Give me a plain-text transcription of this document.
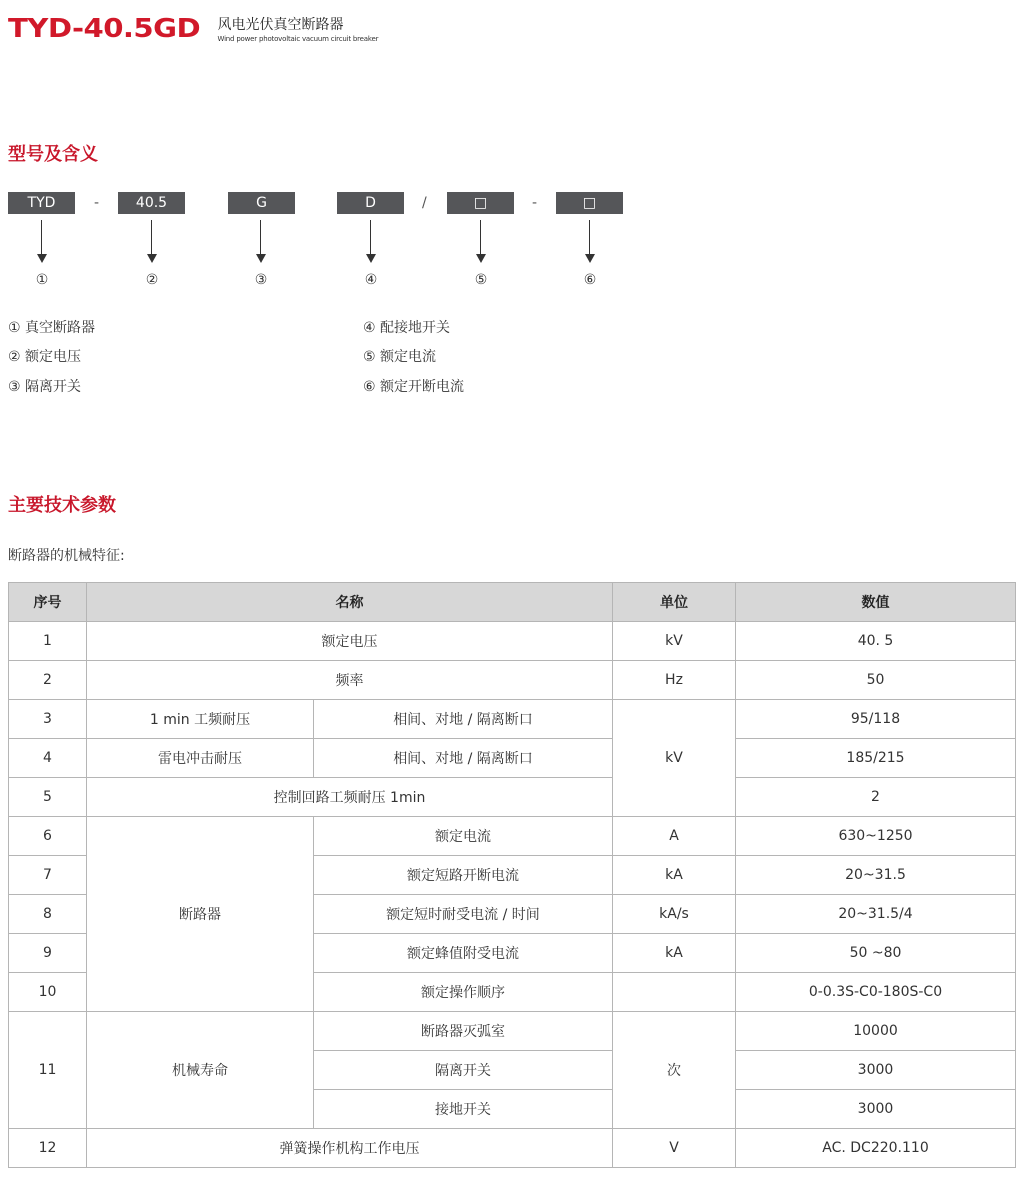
TYD-40.5GD 风电光伏真空断路器
Wind power photovoltaic vacuum circuit breaker
型号及含义
TYD	-	40.5	G	D	/	□	-	□
①	②	③	④	⑤	⑥
① 真空断路器
② 额定电压
③ 隔离开关
④ 配接地开关
⑤ 额定电流
⑥ 额定开断电流
主要技术参数
断路器的机械特征:
序号	名称		单位	数值
1	额定电压		kV	40. 5
2	频率		Hz	50
3	1 min 工频耐压	相间、对地 / 隔离断口	kV	95/118
4	雷电冲击耐压	相间、对地 / 隔离断口		185/215
5	控制回路工频耐压 1min			2
6	断路器	额定电流	A	630~1250
7		额定短路开断电流	kA	20~31.5
8		额定短时耐受电流 / 时间	kA/s	20~31.5/4
9		额定蜂值附受电流	kA	50 ~80
10		额定操作顺序		0-0.3S-C0-180S-C0
11	机械寿命	断路器灭弧室	次	10000
		隔离开关		3000
		接地开关		3000
12	弹簧操作机构工作电压		V	AC. DC220.110
